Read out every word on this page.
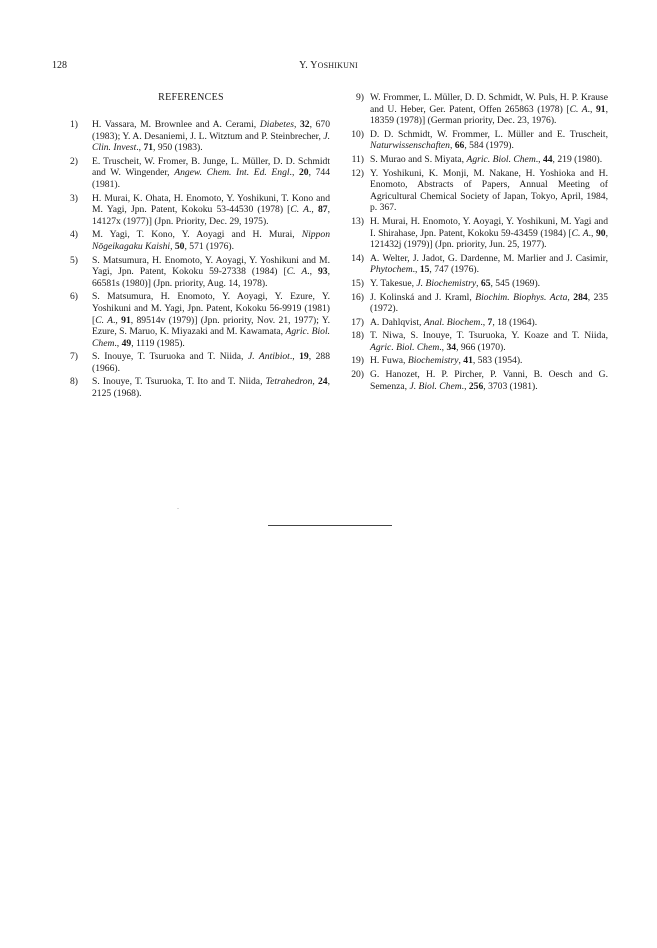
128	Y. YOSHIKUNI
REFERENCES
1) H. Vassara, M. Brownlee and A. Cerami, Diabetes, 32, 670 (1983); Y. A. Desaniemi, J. L. Witztum and P. Steinbrecher, J. Clin. Invest., 71, 950 (1983).
2) E. Truscheit, W. Fromer, B. Junge, L. Müller, D. D. Schmidt and W. Wingender, Angew. Chem. Int. Ed. Engl., 20, 744 (1981).
3) H. Murai, K. Ohata, H. Enomoto, Y. Yoshikuni, T. Kono and M. Yagi, Jpn. Patent, Kokoku 53-44530 (1978) [C. A., 87, 14127x (1977)] (Jpn. Priority, Dec. 29, 1975).
4) M. Yagi, T. Kono, Y. Aoyagi and H. Murai, Nippon Nōgeikagaku Kaishi, 50, 571 (1976).
5) S. Matsumura, H. Enomoto, Y. Aoyagi, Y. Yoshikuni and M. Yagi, Jpn. Patent, Kokoku 59-27338 (1984) [C. A., 93, 66581s (1980)] (Jpn. priority, Aug. 14, 1978).
6) S. Matsumura, H. Enomoto, Y. Aoyagi, Y. Ezure, Y. Yoshikuni and M. Yagi, Jpn. Patent, Kokoku 56-9919 (1981) [C. A., 91, 89514v (1979)] (Jpn. priority, Nov. 21, 1977); Y. Ezure, S. Maruo, K. Miyazaki and M. Kawamata, Agric. Biol. Chem., 49, 1119 (1985).
7) S. Inouye, T. Tsuruoka and T. Niida, J. Antibiot., 19, 288 (1966).
8) S. Inouye, T. Tsuruoka, T. Ito and T. Niida, Tetrahedron, 24, 2125 (1968).
9) W. Frommer, L. Müller, D. D. Schmidt, W. Puls, H. P. Krause and U. Heber, Ger. Patent, Offen 265863 (1978) [C. A., 91, 18359 (1978)] (German priority, Dec. 23, 1976).
10) D. D. Schmidt, W. Frommer, L. Müller and E. Truscheit, Naturwissenschaften, 66, 584 (1979).
11) S. Murao and S. Miyata, Agric. Biol. Chem., 44, 219 (1980).
12) Y. Yoshikuni, K. Monji, M. Nakane, H. Yoshioka and H. Enomoto, Abstracts of Papers, Annual Meeting of Agricultural Chemical Society of Japan, Tokyo, April, 1984, p. 367.
13) H. Murai, H. Enomoto, Y. Aoyagi, Y. Yoshikuni, M. Yagi and I. Shirahase, Jpn. Patent, Kokoku 59-43459 (1984) [C. A., 90, 121432j (1979)] (Jpn. priority, Jun. 25, 1977).
14) A. Welter, J. Jadot, G. Dardenne, M. Marlier and J. Casimir, Phytochem., 15, 747 (1976).
15) Y. Takesue, J. Biochemistry, 65, 545 (1969).
16) J. Kolinská and J. Kraml, Biochim. Biophys. Acta, 284, 235 (1972).
17) A. Dahlqvist, Anal. Biochem., 7, 18 (1964).
18) T. Niwa, S. Inouye, T. Tsuruoka, Y. Koaze and T. Niida, Agric. Biol. Chem., 34, 966 (1970).
19) H. Fuwa, Biochemistry, 41, 583 (1954).
20) G. Hanozet, H. P. Pircher, P. Vanni, B. Oesch and G. Semenza, J. Biol. Chem., 256, 3703 (1981).
.
